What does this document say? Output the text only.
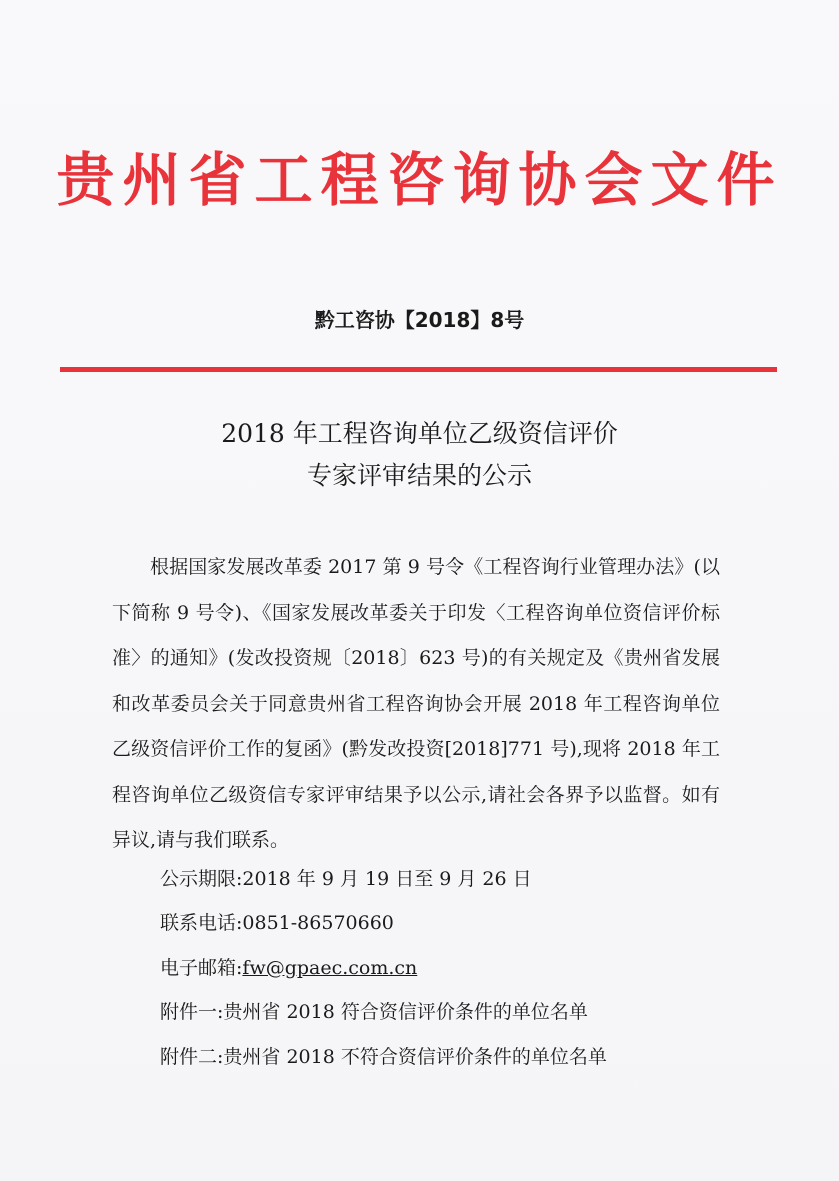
贵州省工程咨询协会文件
黔工咨协【2018】8号
2018 年工程咨询单位乙级资信评价
专家评审结果的公示

根据国家发展改革委 2017 第 9 号令《工程咨询行业管理办法》(以下简称 9 号令)、《国家发展改革委关于印发〈工程咨询单位资信评价标准〉的通知》(发改投资规〔2018〕623 号)的有关规定及《贵州省发展和改革委员会关于同意贵州省工程咨询协会开展 2018 年工程咨询单位乙级资信评价工作的复函》(黔发改投资[2018]771 号),现将 2018 年工程咨询单位乙级资信专家评审结果予以公示,请社会各界予以监督。如有异议,请与我们联系。

公示期限:2018 年 9 月 19 日至 9 月 26 日
联系电话:0851-86570660
电子邮箱:fw@gpaec.com.cn
附件一:贵州省 2018 符合资信评价条件的单位名单
附件二:贵州省 2018 不符合资信评价条件的单位名单
